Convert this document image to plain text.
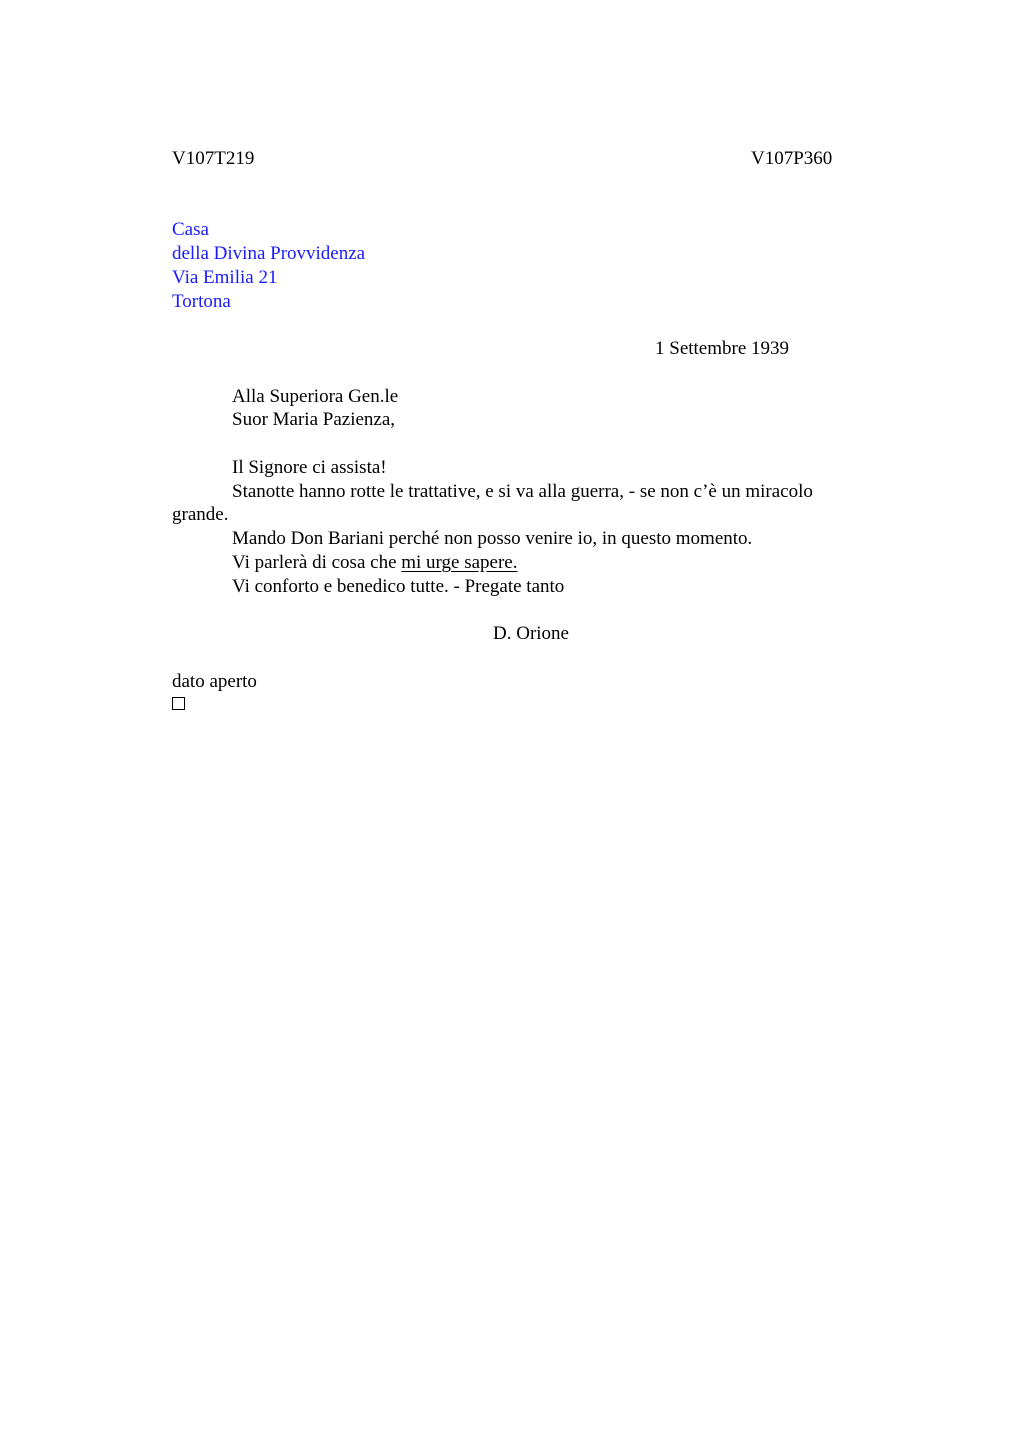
V107T219	V107P360
Casa
della Divina Provvidenza
Via Emilia 21
Tortona
1 Settembre 1939
Alla Superiora Gen.le
Suor Maria Pazienza,
Il Signore ci assista!
Stanotte hanno rotte le trattative, e si va alla guerra, - se non c’è un miracolo
grande.
Mando Don Bariani perché non posso venire io, in questo momento.
Vi parlerà di cosa che mi urge sapere.
Vi conforto e benedico tutte. - Pregate tanto
D. Orione
dato aperto
